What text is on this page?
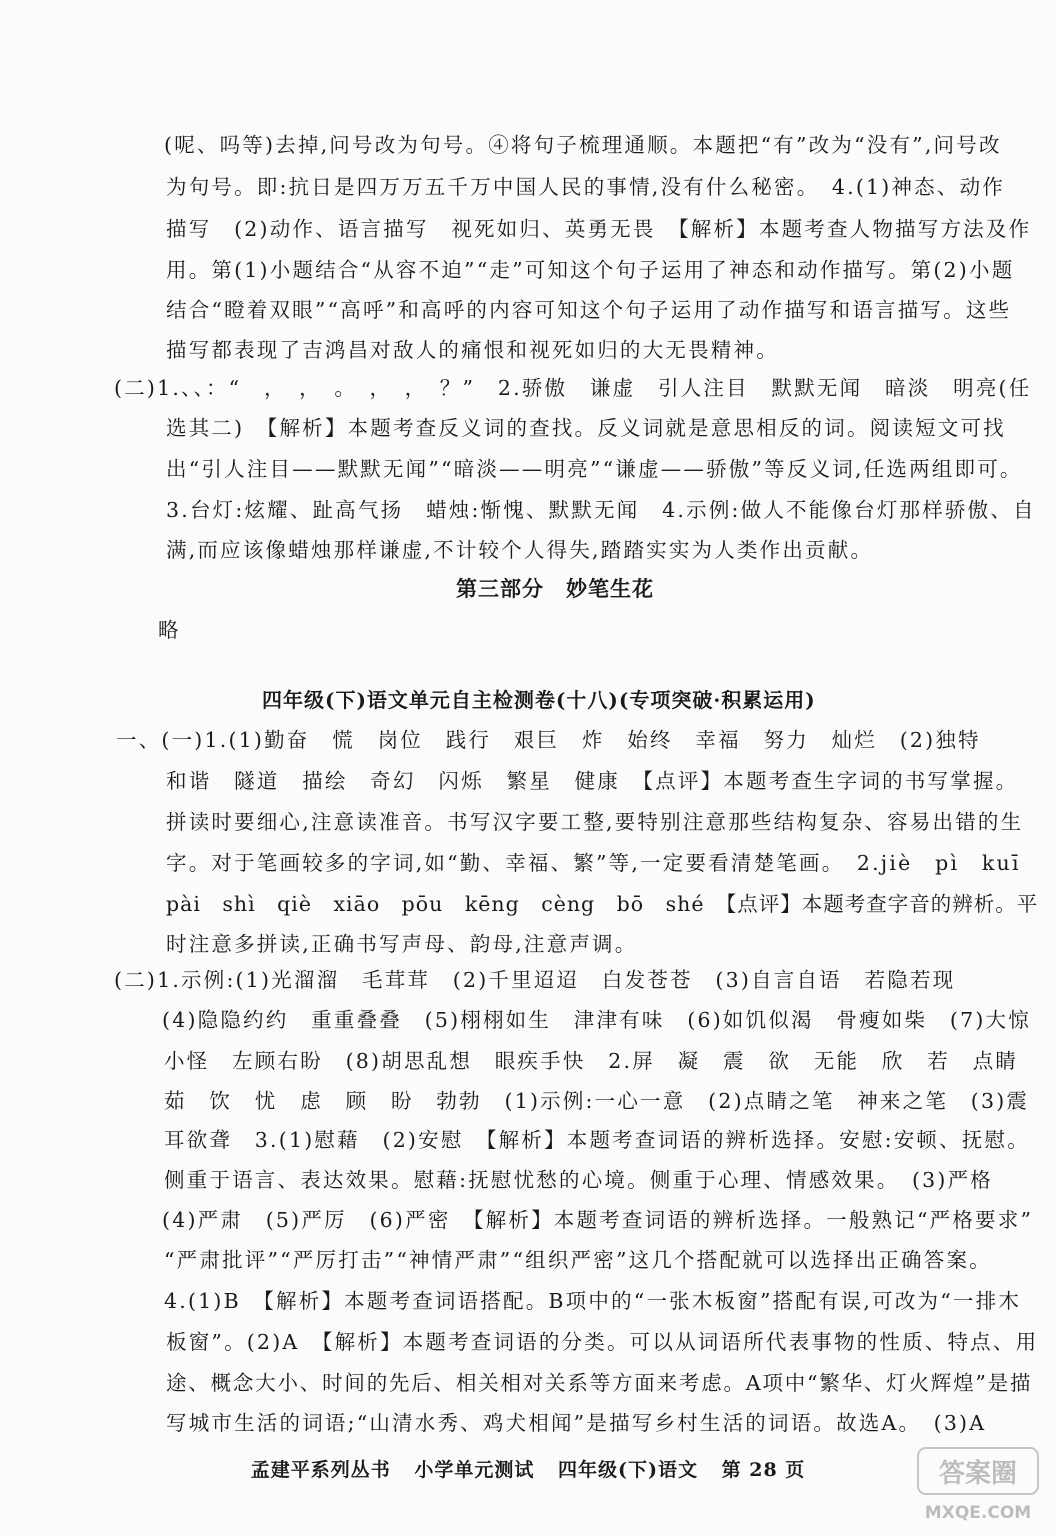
(呢、吗等)去掉,问号改为句号。④将句子梳理通顺。本题把“有”改为“没有”,问号改
为句号。即:抗日是四万万五千万中国人民的事情,没有什么秘密。　4.(1)神态、动作
描写　(2)动作、语言描写　视死如归、英勇无畏　【解析】本题考查人物描写方法及作
用。第(1)小题结合“从容不迫”“走”可知这个句子运用了神态和动作描写。第(2)小题
结合“瞪着双眼”“高呼”和高呼的内容可知这个句子运用了动作描写和语言描写。这些
描写都表现了吉鸿昌对敌人的痛恨和视死如归的大无畏精神。
(二)1.、、：“　，　，　。　，　，　？”　2.骄傲　谦虚　引人注目　默默无闻　暗淡　明亮(任
选其二)　【解析】本题考查反义词的查找。反义词就是意思相反的词。阅读短文可找
出“引人注目——默默无闻”“暗淡——明亮”“谦虚——骄傲”等反义词,任选两组即可。
3.台灯:炫耀、趾高气扬　蜡烛:惭愧、默默无闻　4.示例:做人不能像台灯那样骄傲、自
满,而应该像蜡烛那样谦虚,不计较个人得失,踏踏实实为人类作出贡献。
第三部分　妙笔生花
略
四年级(下)语文单元自主检测卷(十八)(专项突破·积累运用)
一、(一)1.(1)勤奋　慌　岗位　践行　艰巨　炸　始终　幸福　努力　灿烂　(2)独特
和谐　隧道　描绘　奇幻　闪烁　繁星　健康　【点评】本题考查生字词的书写掌握。
拼读时要细心,注意读准音。书写汉字要工整,要特别注意那些结构复杂、容易出错的生
字。对于笔画较多的字词,如“勤、幸福、繁”等,一定要看清楚笔画。　2.jiè　pì　kuī
pài　shì　qiè　xiāo　pōu　kēng　cèng　bō　shé　【点评】本题考查字音的辨析。平
时注意多拼读,正确书写声母、韵母,注意声调。
(二)1.示例:(1)光溜溜　毛茸茸　(2)千里迢迢　白发苍苍　(3)自言自语　若隐若现
(4)隐隐约约　重重叠叠　(5)栩栩如生　津津有味　(6)如饥似渴　骨瘦如柴　(7)大惊
小怪　左顾右盼　(8)胡思乱想　眼疾手快　2.屏　凝　震　欲　无能　欣　若　点睛
茹　饮　忧　虑　顾　盼　勃勃　(1)示例:一心一意　(2)点睛之笔　神来之笔　(3)震
耳欲聋　3.(1)慰藉　(2)安慰　【解析】本题考查词语的辨析选择。安慰:安顿、抚慰。
侧重于语言、表达效果。慰藉:抚慰忧愁的心境。侧重于心理、情感效果。　(3)严格
(4)严肃　(5)严厉　(6)严密　【解析】本题考查词语的辨析选择。一般熟记“严格要求”
“严肃批评”“严厉打击”“神情严肃”“组织严密”这几个搭配就可以选择出正确答案。
4.(1)B　【解析】本题考查词语搭配。B项中的“一张木板窗”搭配有误,可改为“一排木
板窗”。(2)A　【解析】本题考查词语的分类。可以从词语所代表事物的性质、特点、用
途、概念大小、时间的先后、相关相对关系等方面来考虑。A项中“繁华、灯火辉煌”是描
写城市生活的词语;“山清水秀、鸡犬相闻”是描写乡村生活的词语。故选A。　(3)A
孟建平系列丛书 小学单元测试 四年级(下)语文 第 28 页	答案圈
MXQE.COM
